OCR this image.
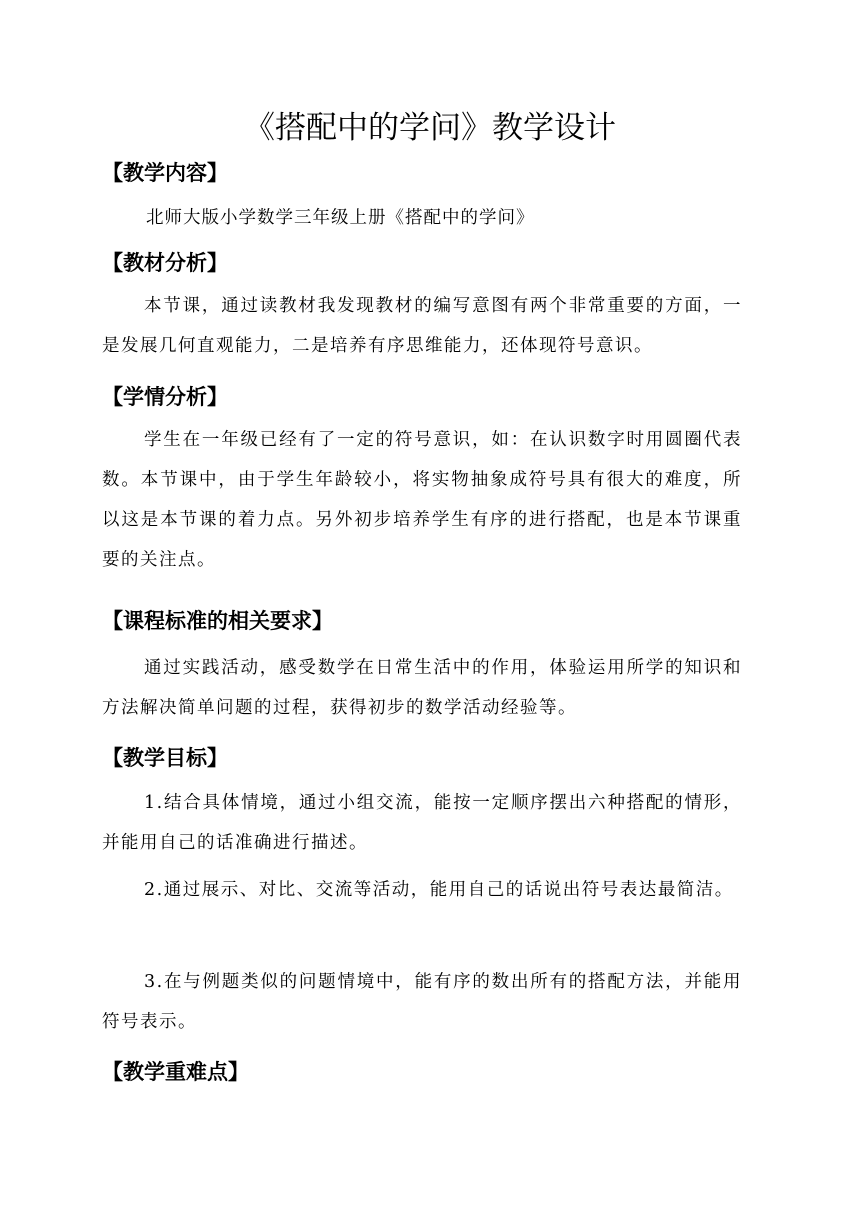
《搭配中的学问》教学设计
【教学内容】

北师大版小学数学三年级上册《搭配中的学问》

【教材分析】

本节课，通过读教材我发现教材的编写意图有两个非常重要的方面，一是发展几何直观能力，二是培养有序思维能力，还体现符号意识。

【学情分析】

学生在一年级已经有了一定的符号意识，如：在认识数字时用圆圈代表数。本节课中，由于学生年龄较小，将实物抽象成符号具有很大的难度，所以这是本节课的着力点。另外初步培养学生有序的进行搭配，也是本节课重要的关注点。

【课程标准的相关要求】

通过实践活动，感受数学在日常生活中的作用，体验运用所学的知识和方法解决简单问题的过程，获得初步的数学活动经验等。

【教学目标】

1.结合具体情境，通过小组交流，能按一定顺序摆出六种搭配的情形，并能用自己的话准确进行描述。

2.通过展示、对比、交流等活动，能用自己的话说出符号表达最简洁。

3.在与例题类似的问题情境中，能有序的数出所有的搭配方法，并能用符号表示。

【教学重难点】
